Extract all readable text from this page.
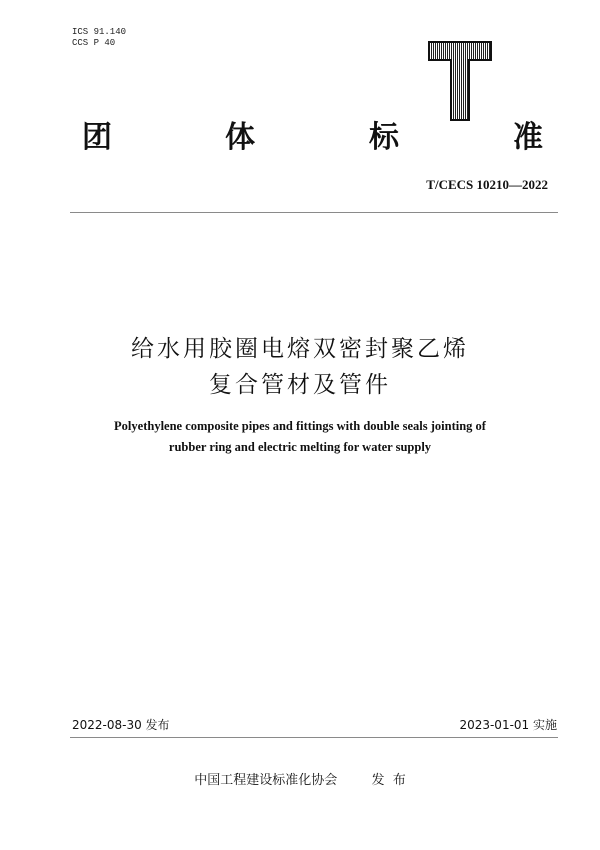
ICS 91.140
CCS P 40
团	体	标	准
T/CECS 10210—2022
给水用胶圈电熔双密封聚乙烯
复合管材及管件
Polyethylene composite pipes and fittings with double seals jointing of
rubber ring and electric melting for water supply
2022-08-30 发布	2023-01-01 实施
中国工程建设标准化协会	发  布
